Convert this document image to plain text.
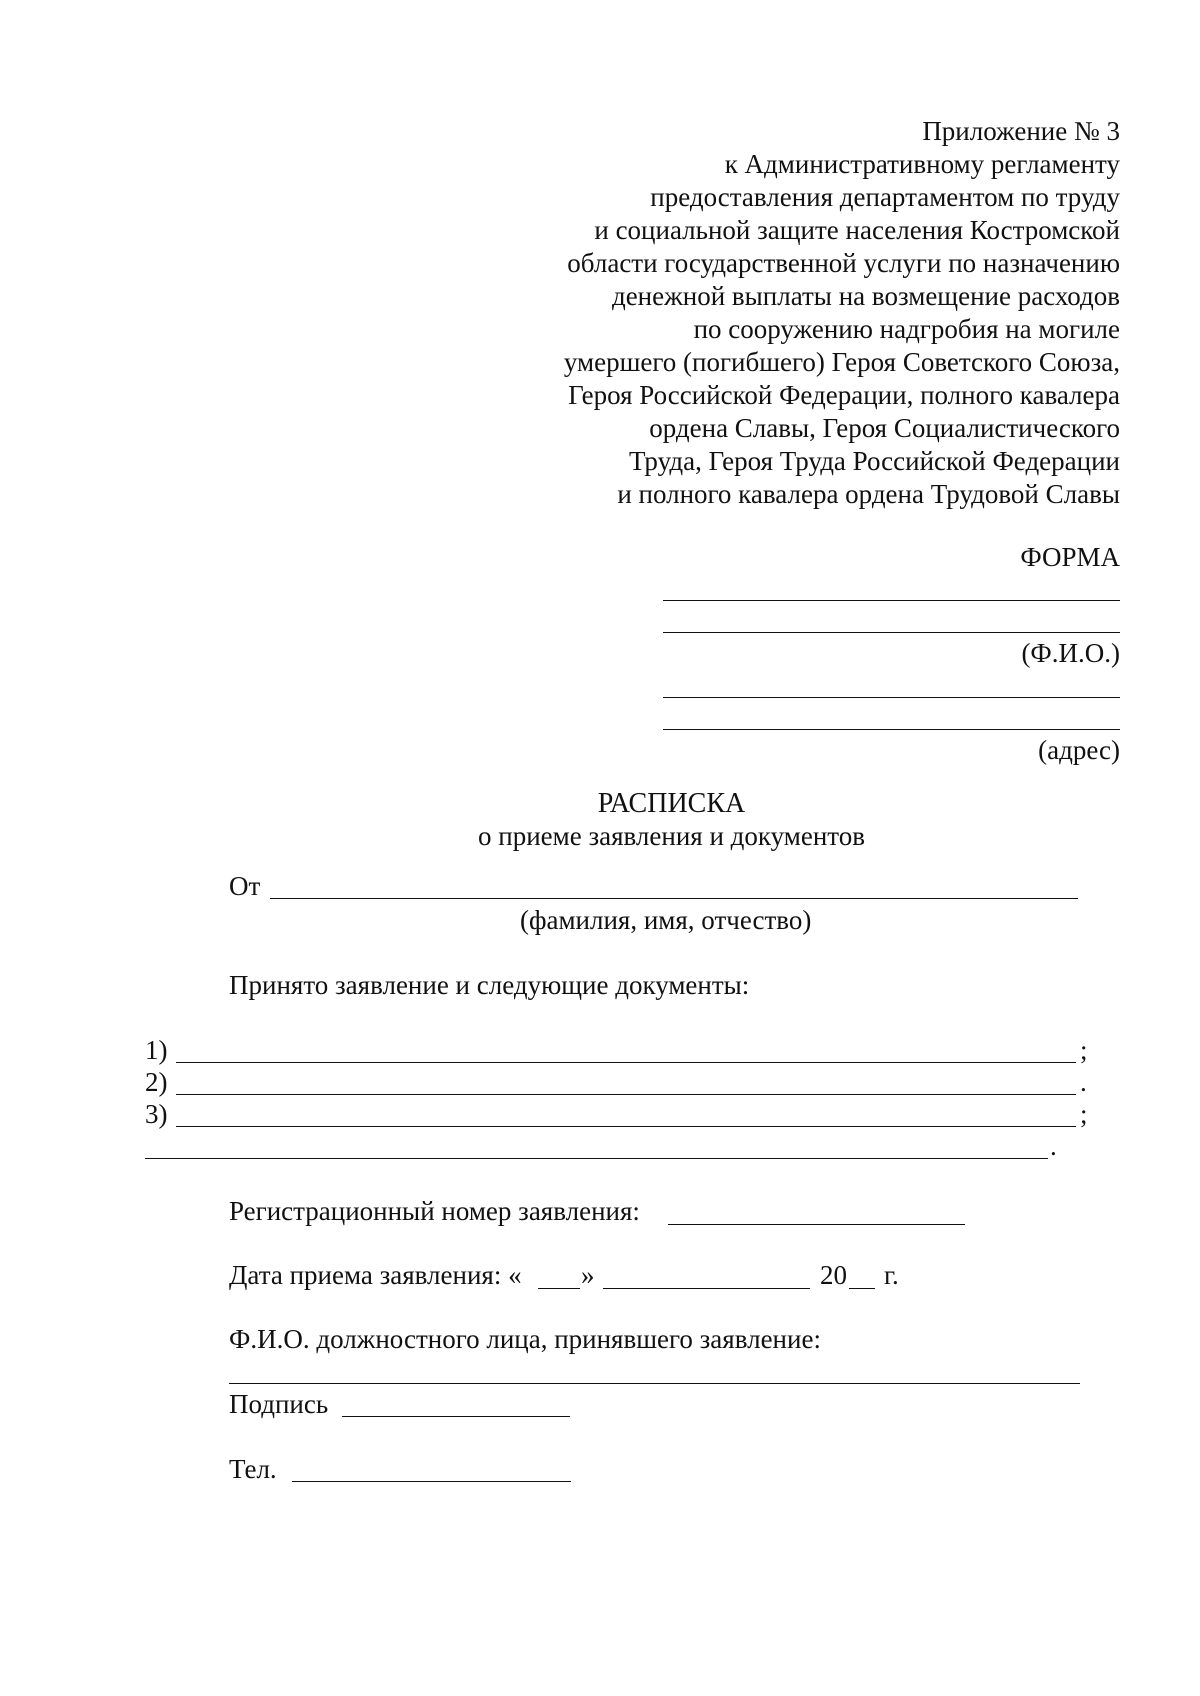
Приложение № 3
к Административному регламенту
предоставления департаментом по труду
и социальной защите населения Костромской
области государственной услуги по назначению
денежной выплаты на возмещение расходов
по сооружению надгробия на могиле
умершего (погибшего) Героя Советского Союза,
Героя Российской Федерации, полного кавалера
ордена Славы, Героя Социалистического
Труда, Героя Труда Российской Федерации
и полного кавалера ордена Трудовой Славы
ФОРМА
(Ф.И.О.)
(адрес)
РАСПИСКА
о приеме заявления и документов
От
(фамилия, имя, отчество)
Принято заявление и следующие документы:
1)	;
2)	.
3)	;
.
Регистрационный номер заявления:
Дата приема заявления: « »	20 г.
Ф.И.О. должностного лица, принявшего заявление:
Подпись
Тел.
